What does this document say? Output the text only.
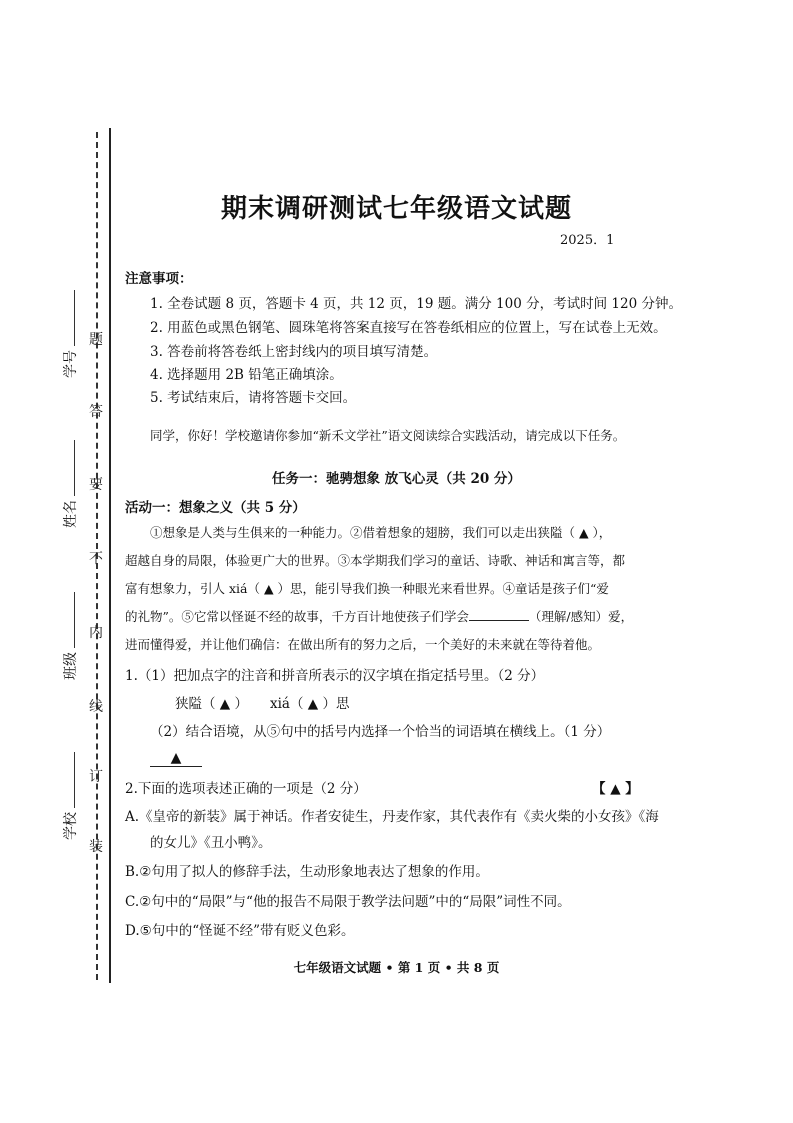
题
答
要
不
内
线
订
装
学号
姓名
班级
学校
期末调研测试七年级语文试题
2025．1
注意事项：
1. 全卷试题 8 页，答题卡 4 页，共 12 页，19 题。满分 100 分，考试时间 120 分钟。
2. 用蓝色或黑色钢笔、圆珠笔将答案直接写在答卷纸相应的位置上，写在试卷上无效。
3. 答卷前将答卷纸上密封线内的项目填写清楚。
4. 选择题用 2B 铅笔正确填涂。
5. 考试结束后，请将答题卡交回。
同学，你好！学校邀请你参加“新禾文学社”语文阅读综合实践活动，请完成以下任务。
任务一：驰骋想象 放飞心灵（共 20 分）
活动一：想象之义（共 5 分）
①想象是人类与生俱来的一种能力。②借着想象的翅膀，我们可以走出狭隘（ ▲ ），
超越自身的局限，体验更广大的世界。③本学期我们学习的童话、诗歌、神话和寓言等，都
富有想象力，引人 xiá（ ▲ ）思，能引导我们换一种眼光来看世界。④童话是孩子们“爱
的礼物”。⑤它常以怪诞不经的故事，千方百计地使孩子们学会	（理解/感知）爱，
进而懂得爱，并让他们确信：在做出所有的努力之后，一个美好的未来就在等待着他。
1.（1）把加点字的注音和拼音所表示的汉字填在指定括号里。（2 分）
狭隘（ ▲ ） xiá（ ▲ ）思
（2）结合语境，从⑤句中的括号内选择一个恰当的词语填在横线上。（1 分）
▲
2.下面的选项表述正确的一项是（2 分）	【 ▲ 】
A.《皇帝的新装》属于神话。作者安徒生，丹麦作家，其代表作有《卖火柴的小女孩》《海
的女儿》《丑小鸭》。
B.②句用了拟人的修辞手法，生动形象地表达了想象的作用。
C.②句中的“局限”与“他的报告不局限于教学法问题”中的“局限”词性不同。
D.⑤句中的“怪诞不经”带有贬义色彩。
七年级语文试题 • 第 1 页 • 共 8 页
